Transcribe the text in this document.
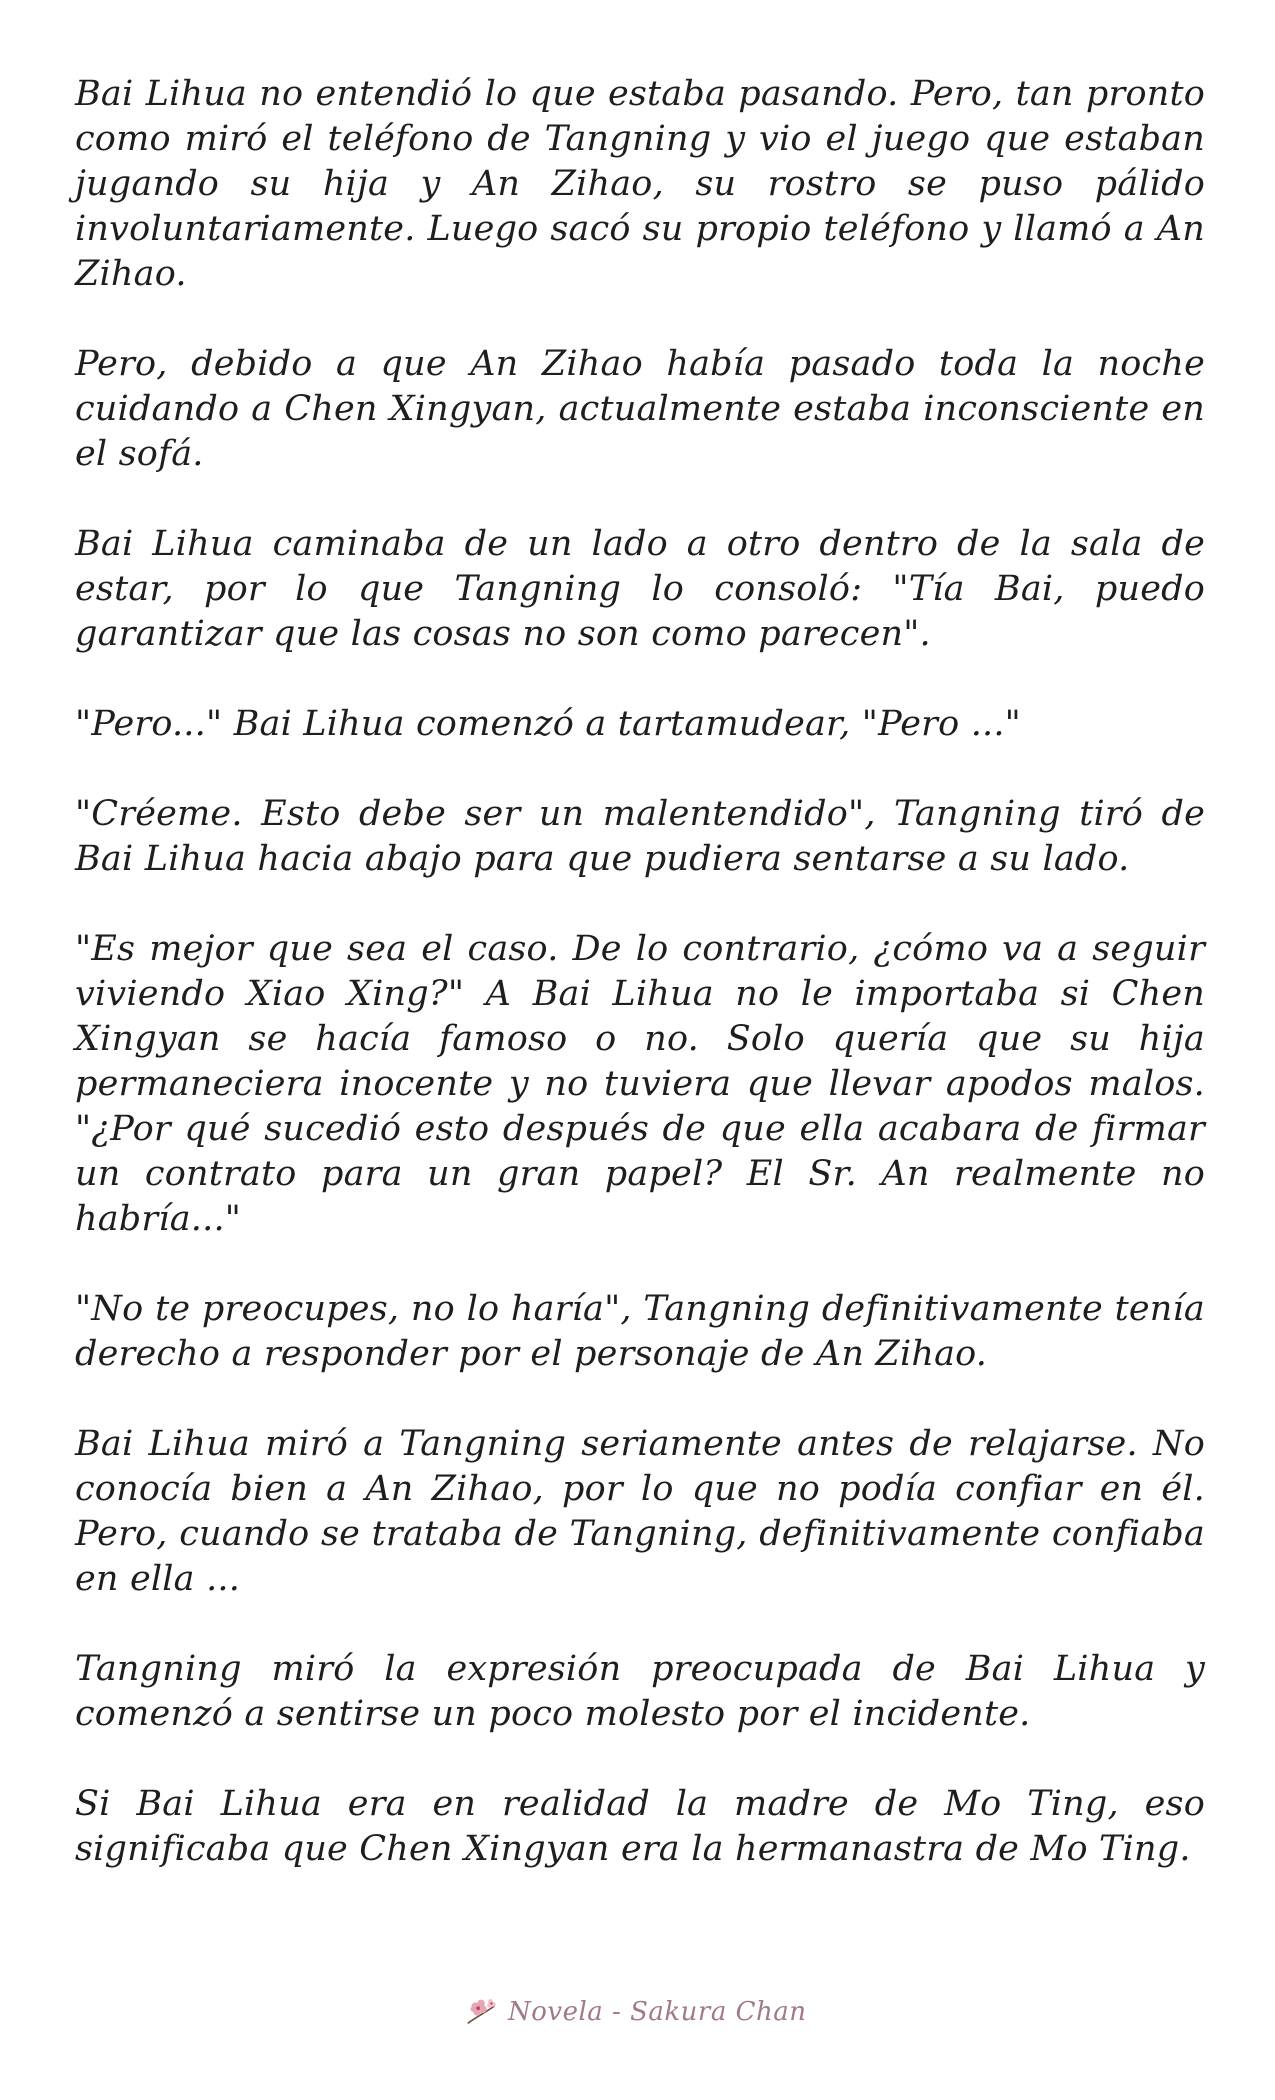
Bai Lihua no entendió lo que estaba pasando. Pero, tan pronto como miró el teléfono de Tangning y vio el juego que estaban jugando su hija y An Zihao, su rostro se puso pálido involuntariamente. Luego sacó su propio teléfono y llamó a An Zihao.

Pero, debido a que An Zihao había pasado toda la noche cuidando a Chen Xingyan, actualmente estaba inconsciente en el sofá.

Bai Lihua caminaba de un lado a otro dentro de la sala de estar, por lo que Tangning lo consoló: "Tía Bai, puedo garantizar que las cosas no son como parecen".

"Pero..." Bai Lihua comenzó a tartamudear, "Pero ..."

"Créeme. Esto debe ser un malentendido", Tangning tiró de Bai Lihua hacia abajo para que pudiera sentarse a su lado.

"Es mejor que sea el caso. De lo contrario, ¿cómo va a seguir viviendo Xiao Xing?" A Bai Lihua no le importaba si Chen Xingyan se hacía famoso o no. Solo quería que su hija permaneciera inocente y no tuviera que llevar apodos malos. "¿Por qué sucedió esto después de que ella acabara de firmar un contrato para un gran papel? El Sr. An realmente no habría..."

"No te preocupes, no lo haría", Tangning definitivamente tenía derecho a responder por el personaje de An Zihao.

Bai Lihua miró a Tangning seriamente antes de relajarse. No conocía bien a An Zihao, por lo que no podía confiar en él. Pero, cuando se trataba de Tangning, definitivamente confiaba en ella ...

Tangning miró la expresión preocupada de Bai Lihua y comenzó a sentirse un poco molesto por el incidente.

Si Bai Lihua era en realidad la madre de Mo Ting, eso significaba que Chen Xingyan era la hermanastra de Mo Ting.

Novela - Sakura Chan
